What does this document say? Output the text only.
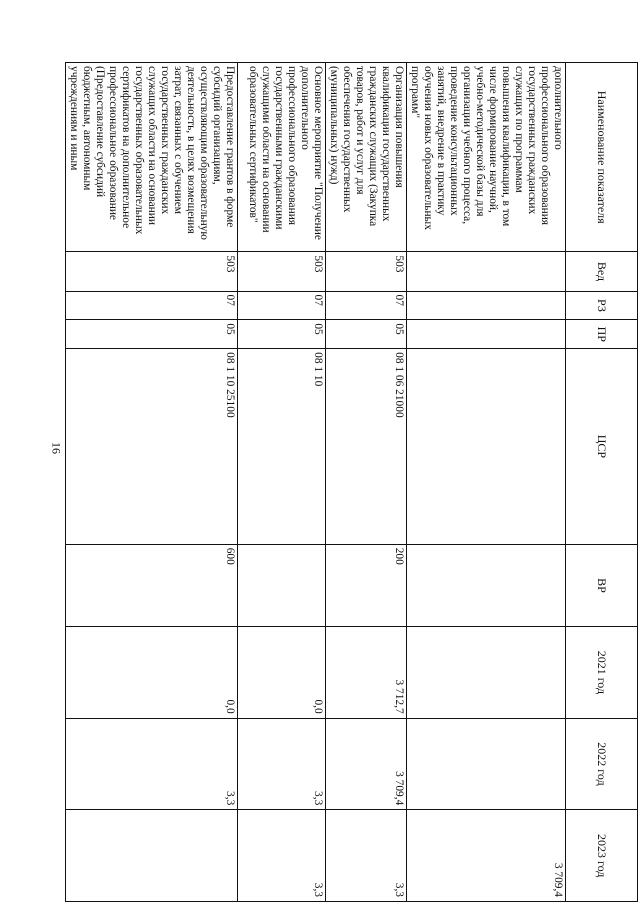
16
Наименование показателя	Вед	РЗ	ПР	ЦСР	ВР	2021 год	2022 год	2023 год
дополнительного профессионального образования государственных гражданских служащих по программам повышения квалификации, в том числе формирование научной, учебно-методической базы для организации учебного процесса, проведение консультационных занятий, внедрение в практику обучения новых образовательных программ"								3 709,4
Организация повышения квалификации государственных гражданских служащих (Закупка товаров, работ и услуг для обеспечения государственных (муниципальных) нужд)	503	07	05	08 1 06 21000	200	3 712,7	3 709,4	3,3
Основное мероприятие "Получение дополнительного профессионального образования государственными гражданскими служащими области на основании образовательных сертификатов"	503	07	05	08 1 10		0,0	3,3	3,3
Предоставление грантов в форме субсидий организациям, осуществляющим образовательную деятельность, в целях возмещения затрат, связанных с обучением государственных гражданских служащих области на основании государственных образовательных сертификатов на дополнительное профессиональное образование (Предоставление субсидий бюджетным, автономным учреждениям и иным	503	07	05	08 1 10 25100	600	0,0	3,3	
